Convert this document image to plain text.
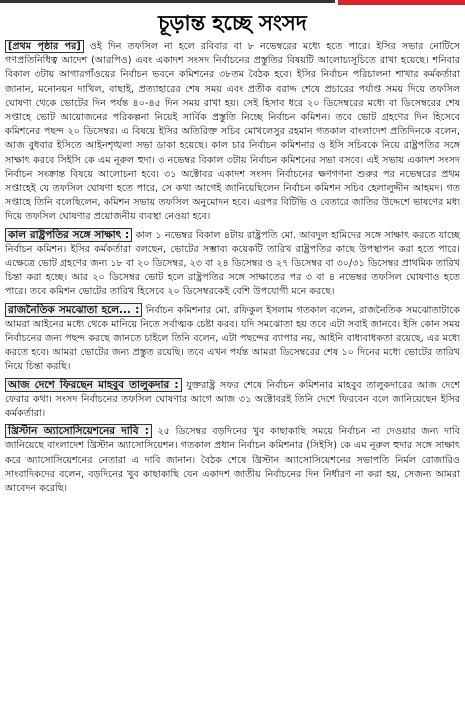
চূড়ান্ত হচ্ছে সংসদ

[প্রথম পৃষ্ঠার পর] ওই দিন তফসিল না হলে রবিবার বা ৮ নভেম্বরের মধ্যে হতে পারে। ইসির সভার নোটিসে গণপ্রতিনিধিত্ব আদেশ (আরপিও) এবং একাদশ সংসদ নির্বাচনের প্রস্তুতির বিষয়টি আলোচ্যসূচিতে রাখা হয়েছে। শনিবার বিকাল ৩টায় আগারগাঁওয়ের নির্বাচন ভবনে কমিশনের ৩৮তম বৈঠক হবে। ইসির নির্বাচন পরিচালনা শাখার কর্মকর্তারা জানান, মনোনয়ন দাখিল, বাছাই, প্রত্যাহারের শেষ সময় এবং প্রতীক বরাদ্দ শেষে প্রচারের পর্যাপ্ত সময় দিয়ে তফসিল ঘোষণা থেকে ভোটের দিন পর্যন্ত ৪০-৪৫ দিন সময় রাখা হয়। সেই হিসাব ধরে ২০ ডিসেম্বরের মধ্যে বা ডিসেম্বরের শেষ সপ্তাহে ভোট আয়োজনের পরিকল্পনা নিয়েই সার্বিক প্রস্তুতি নিচ্ছে নির্বাচন কমিশন। তবে ভোট গ্রহণের দিন হিসেবে কমিশনের পছন্দ ২০ ডিসেম্বর। এ বিষয়ে ইসির অতিরিক্ত সচিব মোখলেসুর রহমান গতকাল বাংলাদেশ প্রতিদিনকে বলেন, আজ বুধবার ইসিতে আইনশৃঙ্খলা সভা ডাকা হয়েছে। কাল চার নির্বাচন কমিশনার ও ইসি সচিবকে নিয়ে রাষ্ট্রপতির সঙ্গে সাক্ষাৎ করবে সিইসি কে এম নূরুল হুদা। ৩ নভেম্বর বিকাল ৩টায় নির্বাচন কমিশনের সভা বসবে। এই সভায় একাদশ সংসদ নির্বাচন সংক্রান্ত বিষয়ে আলোচনা হবে। ৩১ অক্টোবর একাদশ সংসদ নির্বাচনের ক্ষণগণনা শুরুর পর নভেম্বরের প্রথম সপ্তাহেই যে তফসিল ঘোষণা হতে পারে, সে কথা আগেই জানিয়েছিলেন নির্বাচন কমিশন সচিব হেলালুদ্দীন আহমদ। গত সপ্তাহে তিনি বলেছিলেন, কমিশন সভায় তফসিল অনুমোদন হবে। এরপর বিটিভি ও বেতারে জাতির উদ্দেশে ভাষণের মধ্য দিয়ে তফসিল ঘোষণার প্রয়োজনীয় ব্যবস্থা নেওয়া হবে।

কাল রাষ্ট্রপতির সঙ্গে সাক্ষাৎ : কাল ১ নভেম্বর বিকাল ৪টায় রাষ্ট্রপতি মো. আবদুল হামিদের সঙ্গে সাক্ষাৎ করতে যাচ্ছে নির্বাচন কমিশন। ইসির কর্মকর্তারা বলছেন, ভোটের সম্ভাব্য কয়েকটি তারিখ রাষ্ট্রপতির কাছে উপস্থাপন করা হতে পারে। এক্ষেত্রে ভোট গ্রহণের জন্য ১৮ বা ২০ ডিসেম্বর, ২৩ বা ২৪ ডিসেম্বর ও ২৭ ডিসেম্বর বা ৩০/৩১ ডিসেম্বর প্রাথমিক তারিখ চিন্তা করা হচ্ছে। আর ২০ ডিসেম্বর ভোট হলে রাষ্ট্রপতির সঙ্গে সাক্ষাতের পর ৩ বা ৪ নভেম্বর তফসিল ঘোষণাও হতে পারে। তবে কমিশন ভোটের তারিখ হিসেবে ২০ ডিসেম্বরকেই বেশি উপযোগী মনে করছে।

রাজনৈতিক সমঝোতা হলে... : নির্বাচন কমিশনার মো. রফিকুল ইসলাম গতকাল বলেন, রাজনৈতিক সমঝোতাটাকে আমরা আইনের মধ্যে থেকে মানিয়ে নিতে সর্বাত্মক চেষ্টা করব। যদি সমঝোতা হয় তবে এটা সবাই জানবে। ইসি কোন সময় নির্বাচনের জন্য পছন্দ করছে জানতে চাইলে তিনি বলেন, এটা পছন্দের ব্যাপার নয়, আইনি বাধ্যবাধকতা রয়েছে, এর মধ্যে করতে হবে। আমরা ভোটের জন্য প্রস্তুত রয়েছি। তবে এখন পর্যন্ত আমরা ডিসেম্বরের শেষ ১০ দিনের মধ্যে ভোটের তারিখ নিয়ে চিন্তা করছি।

আজ দেশে ফিরছেন মাহবুব তালুকদার : যুক্তরাষ্ট্র সফর শেষে নির্বাচন কমিশনার মাহবুব তালুকদারের আজ দেশে ফেরার কথা। সংসদ নির্বাচনের তফসিল ঘোষণার আগে আজ ৩১ অক্টোবরই তিনি দেশে ফিরবেন বলে জানিয়েছেন ইসির কর্মকর্তারা।

খ্রিস্টান অ্যাসোসিয়েশনের দাবি : ২৫ ডিসেম্বর বড়দিনের খুব কাছাকাছি সময়ে নির্বাচন না দেওয়ার জন্য দাবি জানিয়েছে বাংলাদেশ খ্রিস্টান অ্যাসোসিয়েশন। গতকাল প্রধান নির্বাচন কমিশনার (সিইসি) কে এম নূরুল হুদার সঙ্গে সাক্ষাৎ করে অ্যাসোসিয়েশনের নেতারা এ দাবি জানান। বৈঠক শেষে খ্রিস্টান অ্যাসোসিয়েশনের সভাপতি নির্মল রোজারিও সাংবাদিকদের বলেন, বড়দিনের খুব কাছাকাছি যেন একাদশ জাতীয় নির্বাচনের দিন নির্ধারণ না করা হয়, সেজন্য আমরা আবেদন করেছি।
